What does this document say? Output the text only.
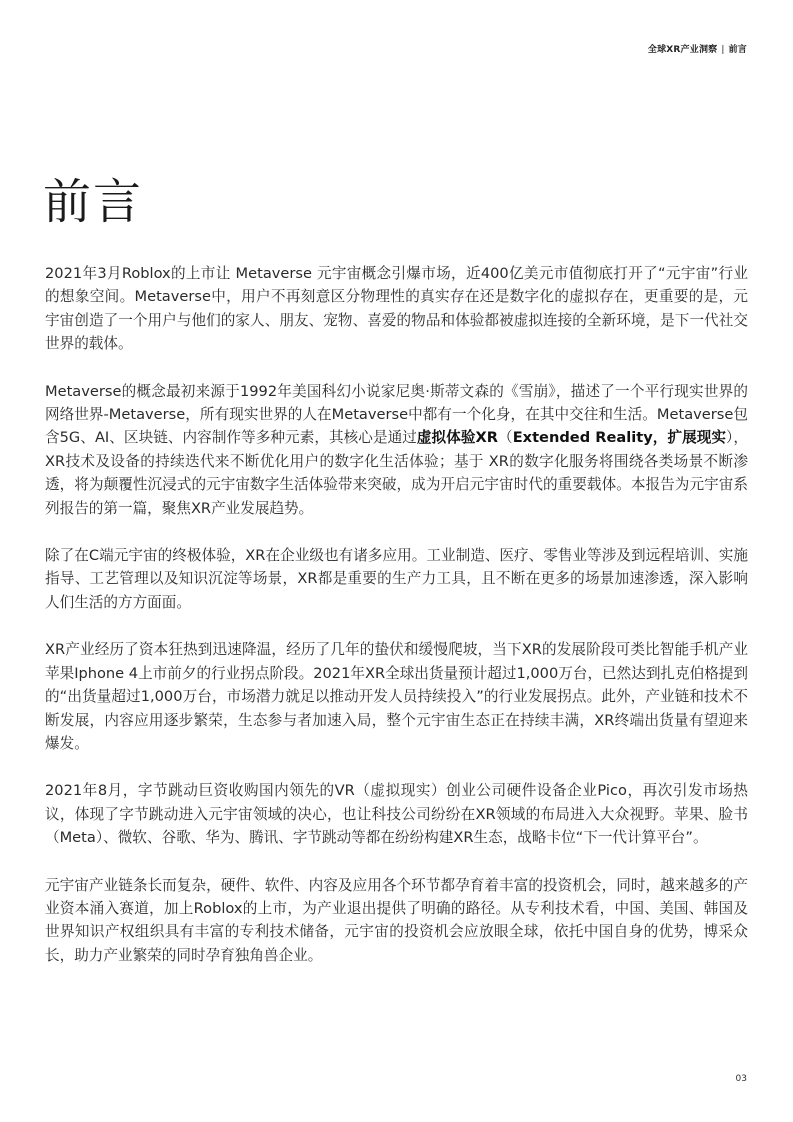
全球XR产业洞察 | 前言
前言

2021年3月Roblox的上市让 Metaverse 元宇宙概念引爆市场，近400亿美元市值彻底打开了“元宇宙”行业的想象空间。Metaverse中，用户不再刻意区分物理性的真实存在还是数字化的虚拟存在，更重要的是，元宇宙创造了一个用户与他们的家人、朋友、宠物、喜爱的物品和体验都被虚拟连接的全新环境，是下一代社交世界的载体。

Metaverse的概念最初来源于1992年美国科幻小说家尼奥·斯蒂文森的《雪崩》，描述了一个平行现实世界的网络世界-Metaverse，所有现实世界的人在Metaverse中都有一个化身，在其中交往和生活。Metaverse包含5G、AI、区块链、内容制作等多种元素，其核心是通过虚拟体验XR（Extended Reality，扩展现实），XR技术及设备的持续迭代来不断优化用户的数字化生活体验；基于 XR的数字化服务将围绕各类场景不断渗透，将为颠覆性沉浸式的元宇宙数字生活体验带来突破，成为开启元宇宙时代的重要载体。本报告为元宇宙系列报告的第一篇，聚焦XR产业发展趋势。

除了在C端元宇宙的终极体验，XR在企业级也有诸多应用。工业制造、医疗、零售业等涉及到远程培训、实施指导、工艺管理以及知识沉淀等场景，XR都是重要的生产力工具，且不断在更多的场景加速渗透，深入影响人们生活的方方面面。

XR产业经历了资本狂热到迅速降温，经历了几年的蛰伏和缓慢爬坡，当下XR的发展阶段可类比智能手机产业苹果Iphone 4上市前夕的行业拐点阶段。2021年XR全球出货量预计超过1,000万台，已然达到扎克伯格提到的“出货量超过1,000万台，市场潜力就足以推动开发人员持续投入”的行业发展拐点。此外，产业链和技术不断发展，内容应用逐步繁荣，生态参与者加速入局，整个元宇宙生态正在持续丰满，XR终端出货量有望迎来爆发。

2021年8月，字节跳动巨资收购国内领先的VR（虚拟现实）创业公司硬件设备企业Pico，再次引发市场热议，体现了字节跳动进入元宇宙领域的决心，也让科技公司纷纷在XR领域的布局进入大众视野。苹果、脸书（Meta）、微软、谷歌、华为、腾讯、字节跳动等都在纷纷构建XR生态，战略卡位“下一代计算平台”。

元宇宙产业链条长而复杂，硬件、软件、内容及应用各个环节都孕育着丰富的投资机会，同时，越来越多的产业资本涌入赛道，加上Roblox的上市，为产业退出提供了明确的路径。从专利技术看，中国、美国、韩国及世界知识产权组织具有丰富的专利技术储备，元宇宙的投资机会应放眼全球，依托中国自身的优势，博采众长，助力产业繁荣的同时孕育独角兽企业。

03
